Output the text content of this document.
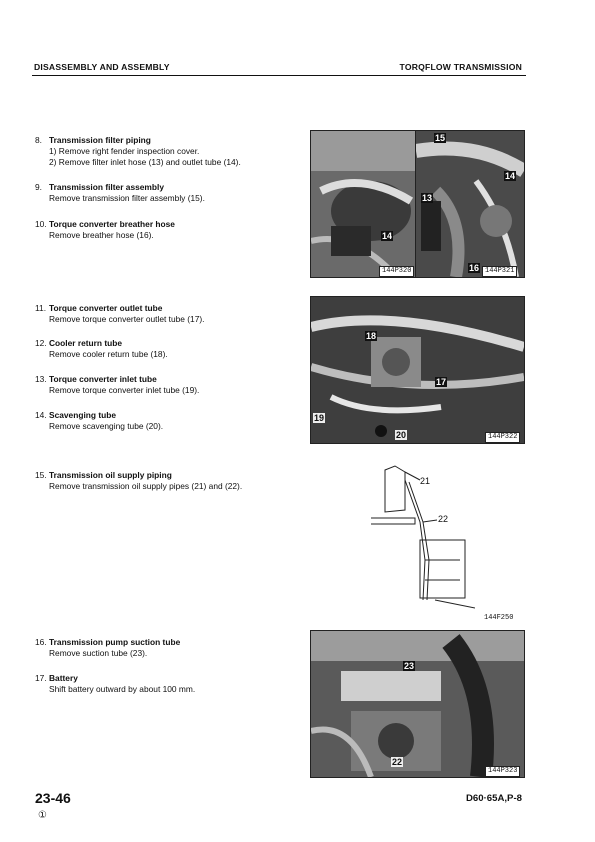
DISASSEMBLY AND ASSEMBLY	TORQFLOW TRANSMISSION
8. Transmission filter piping
1) Remove right fender inspection cover.
2) Remove filter inlet hose (13) and outlet tube (14).
9. Transmission filter assembly
Remove transmission filter assembly (15).
10. Torque converter breather hose
Remove breather hose (16).
11. Torque converter outlet tube
Remove torque converter outlet tube (17).
12. Cooler return tube
Remove cooler return tube (18).
13. Torque converter inlet tube
Remove torque converter inlet tube (19).
14. Scavenging tube
Remove scavenging tube (20).
15. Transmission oil supply piping
Remove transmission oil supply pipes (21) and (22).
16. Transmission pump suction tube
Remove suction tube (23).
17. Battery
Shift battery outward by about 100 mm.
14
144P320
15
14
13
16 144P321
18
17
19
20	144P322
21
22
144F250
23
22
144P323
23-46
①
D60·65A,P-8
